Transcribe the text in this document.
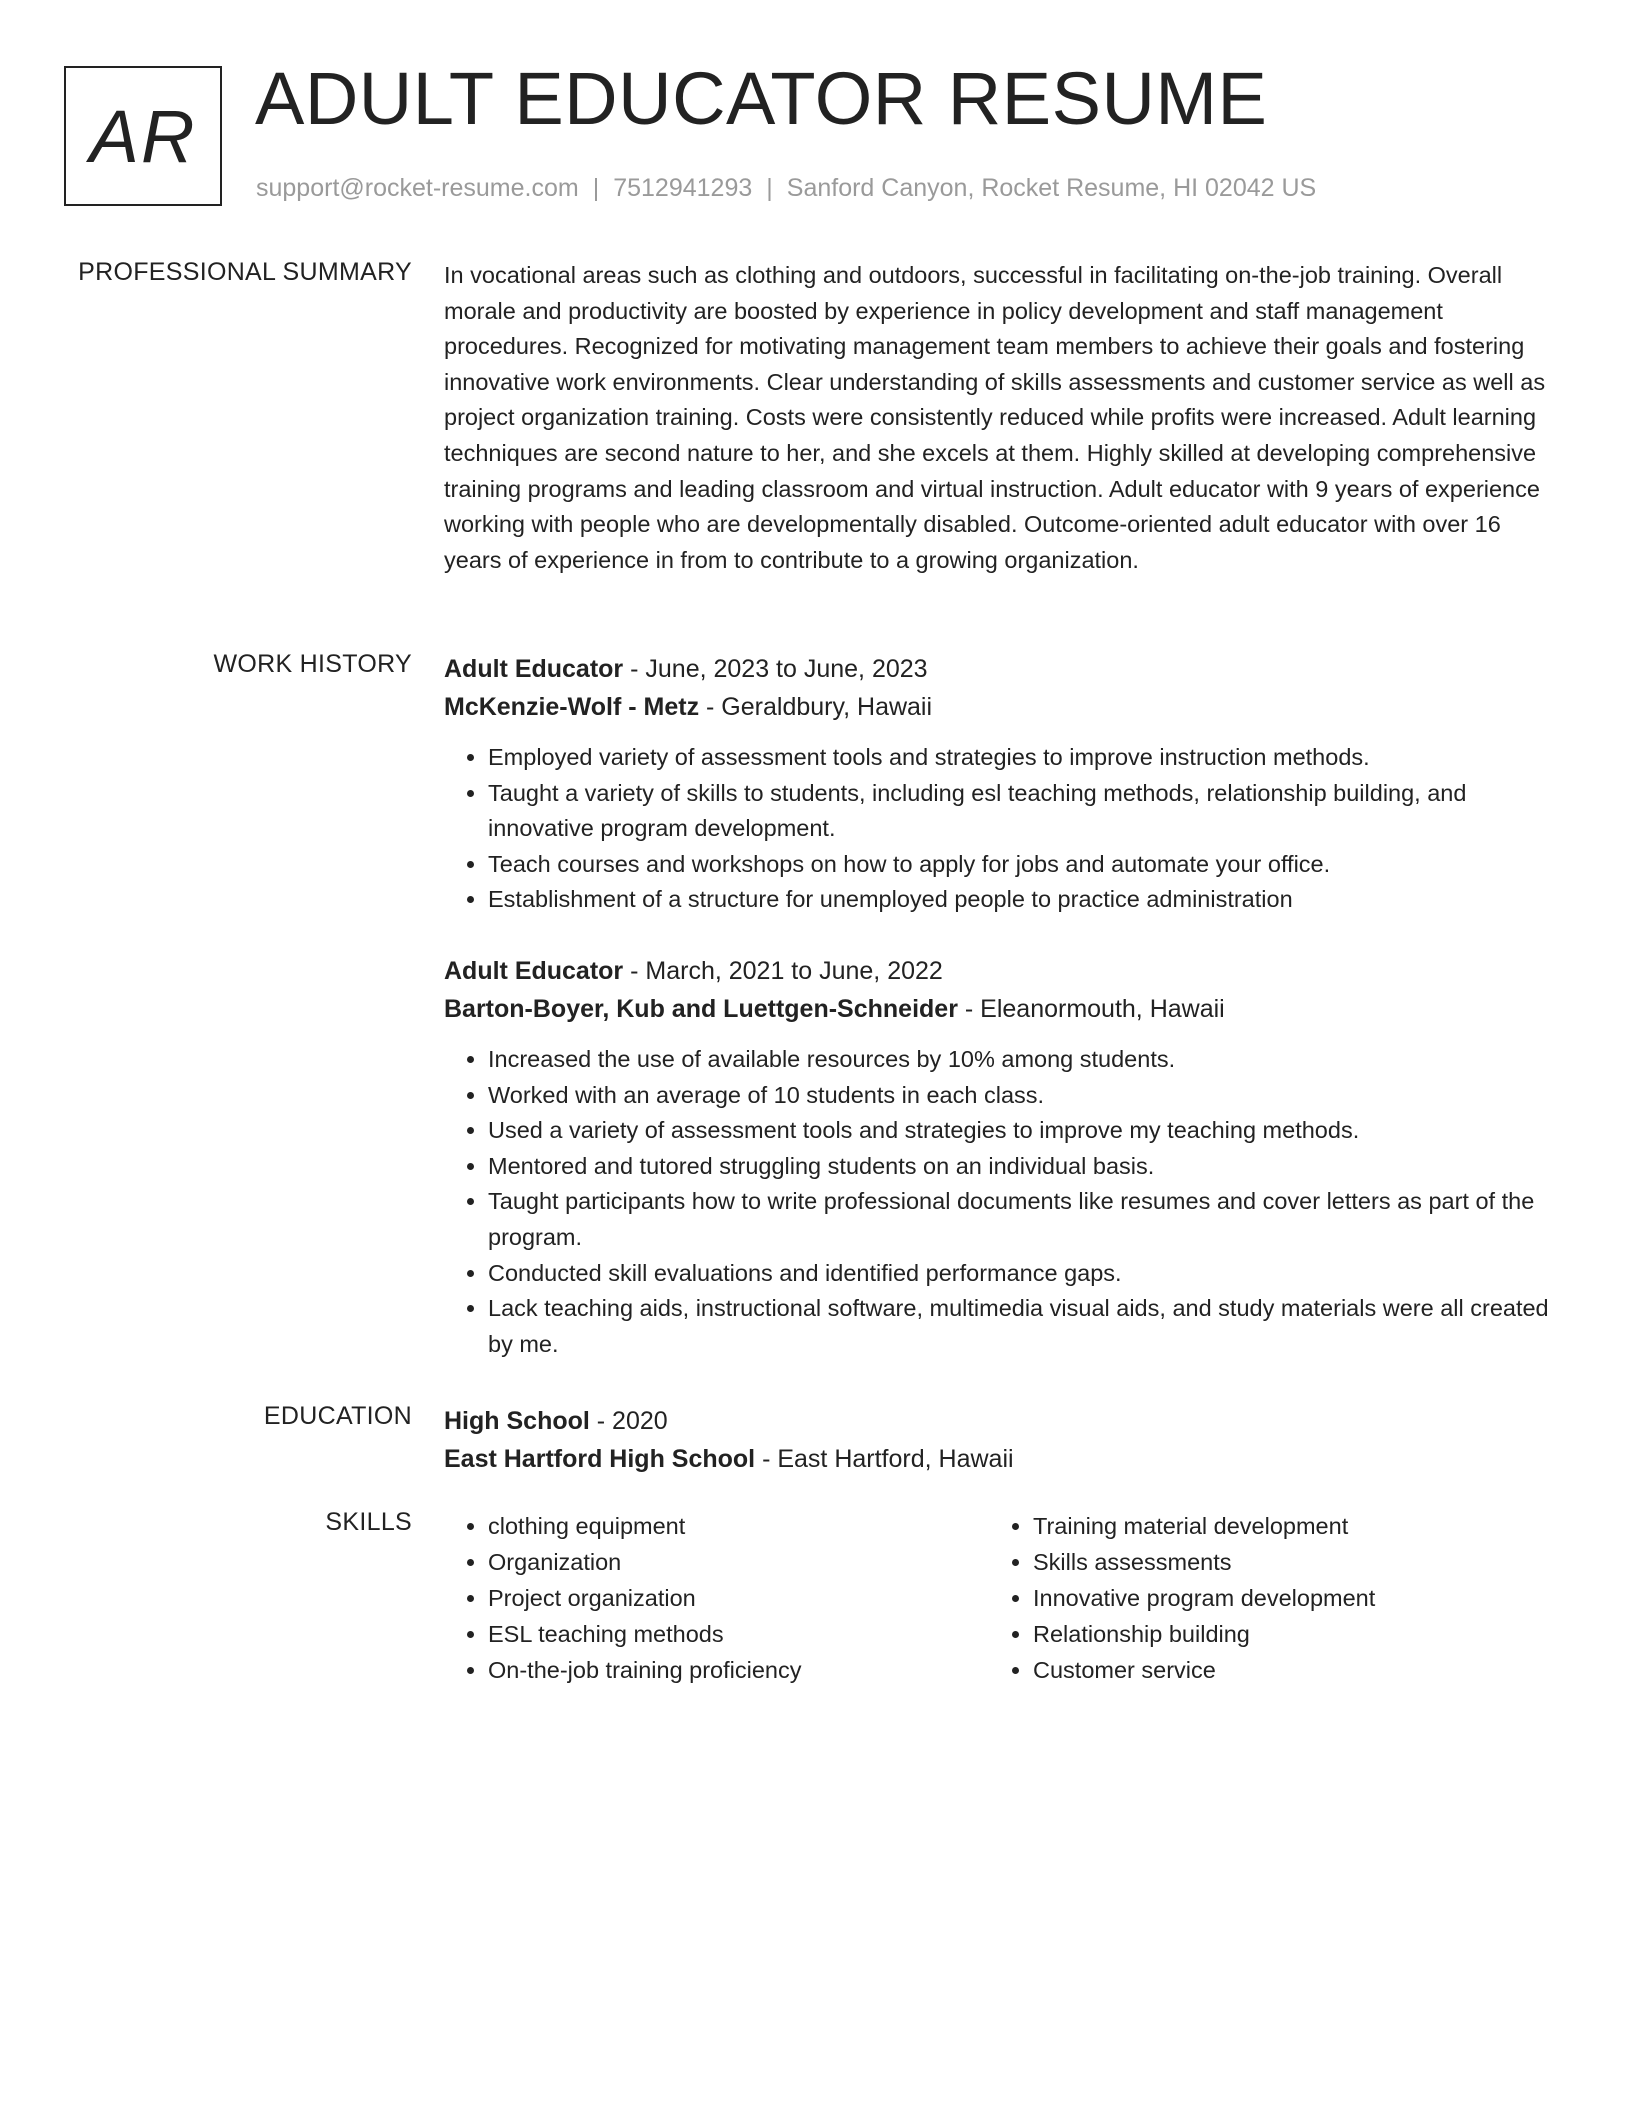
AR ADULT EDUCATOR RESUME
support@rocket-resume.com | 7512941293 | Sanford Canyon, Rocket Resume, HI 02042 US
PROFESSIONAL SUMMARY In vocational areas such as clothing and outdoors, successful in facilitating on-the-job training. Overall morale and productivity are boosted by experience in policy development and staff management procedures. Recognized for motivating management team members to achieve their goals and fostering innovative work environments. Clear understanding of skills assessments and customer service as well as project organization training. Costs were consistently reduced while profits were increased. Adult learning techniques are second nature to her, and she excels at them. Highly skilled at developing comprehensive training programs and leading classroom and virtual instruction. Adult educator with 9 years of experience working with people who are developmentally disabled. Outcome-oriented adult educator with over 16 years of experience in from to contribute to a growing organization.

WORK HISTORY Adult Educator - June, 2023 to June, 2023
McKenzie-Wolf - Metz - Geraldbury, Hawaii
• Employed variety of assessment tools and strategies to improve instruction methods.
• Taught a variety of skills to students, including esl teaching methods, relationship building, and innovative program development.
• Teach courses and workshops on how to apply for jobs and automate your office.
• Establishment of a structure for unemployed people to practice administration
Adult Educator - March, 2021 to June, 2022
Barton-Boyer, Kub and Luettgen-Schneider - Eleanormouth, Hawaii
• Increased the use of available resources by 10% among students.
• Worked with an average of 10 students in each class.
• Used a variety of assessment tools and strategies to improve my teaching methods.
• Mentored and tutored struggling students on an individual basis.
• Taught participants how to write professional documents like resumes and cover letters as part of the program.
• Conducted skill evaluations and identified performance gaps.
• Lack teaching aids, instructional software, multimedia visual aids, and study materials were all created by me.
EDUCATION High School - 2020
East Hartford High School - East Hartford, Hawaii
SKILLS
•	clothing equipment
• Organization
• Project organization
• ESL teaching methods
• On-the-job training proficiency
• Training material development
• Skills assessments
• Innovative program development
• Relationship building
• Customer service
